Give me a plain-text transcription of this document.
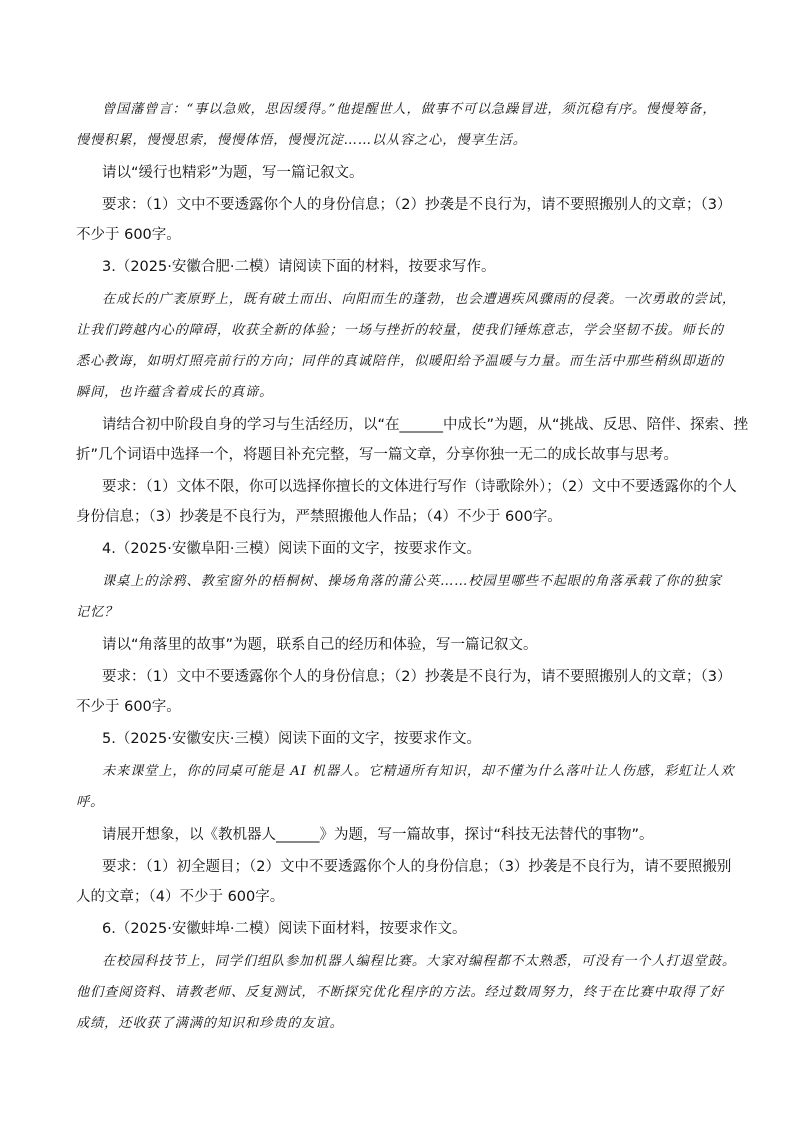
曾国藩曾言：“事以急败，思因缓得。”他提醒世人，做事不可以急躁冒进，须沉稳有序。慢慢筹备，
慢慢积累，慢慢思索，慢慢体悟，慢慢沉淀……以从容之心，慢享生活。
请以“缓行也精彩”为题，写一篇记叙文。
要求：（1）文中不要透露你个人的身份信息；（2）抄袭是不良行为，请不要照搬别人的文章；（3）
不少于 600字。
3.（2025·安徽合肥·二模）请阅读下面的材料，按要求写作。
在成长的广袤原野上，既有破土而出、向阳而生的蓬勃，也会遭遇疾风骤雨的侵袭。一次勇敢的尝试，
让我们跨越内心的障碍，收获全新的体验；一场与挫折的较量，使我们锤炼意志，学会坚韧不拔。师长的
悉心教诲，如明灯照亮前行的方向；同伴的真诚陪伴，似暖阳给予温暖与力量。而生活中那些稍纵即逝的
瞬间，也许蕴含着成长的真谛。
请结合初中阶段自身的学习与生活经历，以“在______中成长”为题，从“挑战、反思、陪伴、探索、挫
折”几个词语中选择一个，将题目补充完整，写一篇文章，分享你独一无二的成长故事与思考。
要求：（1）文体不限，你可以选择你擅长的文体进行写作（诗歌除外）；（2）文中不要透露你的个人
身份信息；（3）抄袭是不良行为，严禁照搬他人作品；（4）不少于 600字。
4.（2025·安徽阜阳·三模）阅读下面的文字，按要求作文。
课桌上的涂鸦、教室窗外的梧桐树、操场角落的蒲公英……校园里哪些不起眼的角落承载了你的独家
记忆？
请以“角落里的故事”为题，联系自己的经历和体验，写一篇记叙文。
要求：（1）文中不要透露你个人的身份信息；（2）抄袭是不良行为，请不要照搬别人的文章；（3）
不少于 600字。
5.（2025·安徽安庆·三模）阅读下面的文字，按要求作文。
未来课堂上，你的同桌可能是 AI 机器人。它精通所有知识，却不懂为什么落叶让人伤感，彩虹让人欢
呼。
请展开想象，以《教机器人______》为题，写一篇故事，探讨“科技无法替代的事物”。
要求：（1）初全题目；（2）文中不要透露你个人的身份信息；（3）抄袭是不良行为，请不要照搬别
人的文章；（4）不少于 600字。
6.（2025·安徽蚌埠·二模）阅读下面材料，按要求作文。
在校园科技节上，同学们组队参加机器人编程比赛。大家对编程都不太熟悉，可没有一个人打退堂鼓。
他们查阅资料、请教老师、反复测试，不断探究优化程序的方法。经过数周努力，终于在比赛中取得了好
成绩，还收获了满满的知识和珍贵的友谊。
